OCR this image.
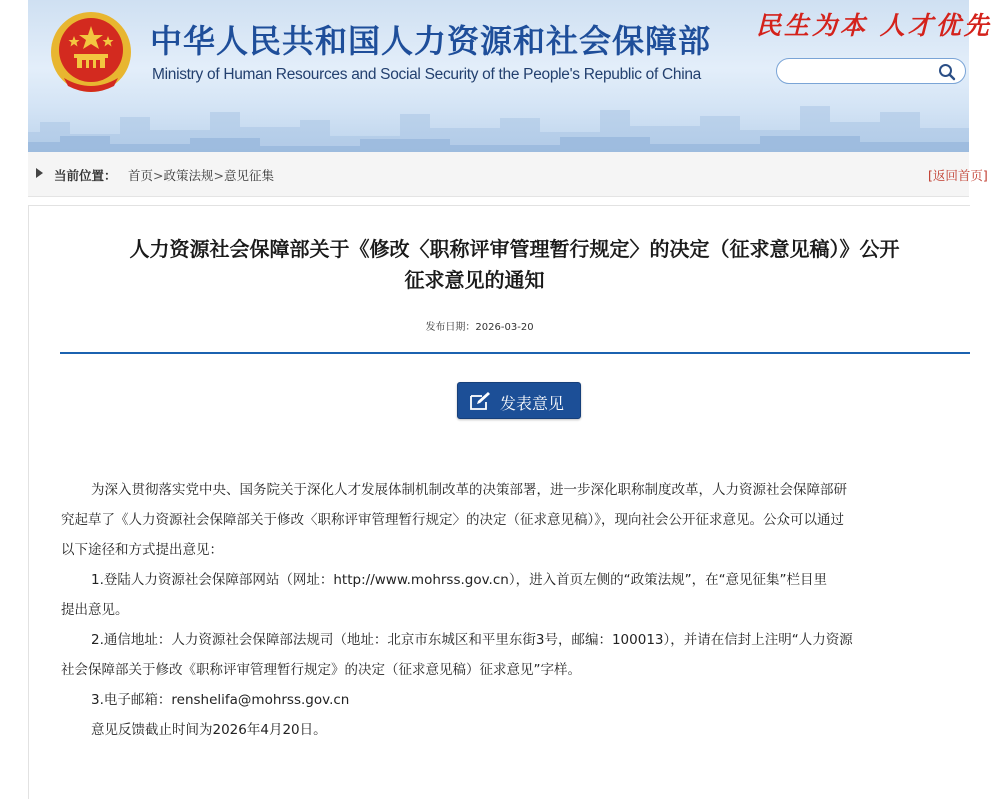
中华人民共和国人力资源和社会保障部
Ministry of Human Resources and Social Security of the People's Republic of China
民生为本 人才优先
当前位置： 首页>政策法规>意见征集	[返回首页]
人力资源社会保障部关于《修改〈职称评审管理暂行规定〉的决定（征求意见稿）》公开
征求意见的通知
发布日期：2026-03-20
发表意见
为深入贯彻落实党中央、国务院关于深化人才发展体制机制改革的决策部署，进一步深化职称制度改革，人力资源社会保障部研
究起草了《人力资源社会保障部关于修改〈职称评审管理暂行规定〉的决定（征求意见稿）》，现向社会公开征求意见。公众可以通过
以下途径和方式提出意见：
1.登陆人力资源社会保障部网站（网址：http://www.mohrss.gov.cn），进入首页左侧的“政策法规”，在“意见征集”栏目里
提出意见。
2.通信地址：人力资源社会保障部法规司（地址：北京市东城区和平里东街3号，邮编：100013），并请在信封上注明“人力资源
社会保障部关于修改《职称评审管理暂行规定》的决定（征求意见稿）征求意见”字样。
3.电子邮箱：renshelifa@mohrss.gov.cn
意见反馈截止时间为2026年4月20日。
